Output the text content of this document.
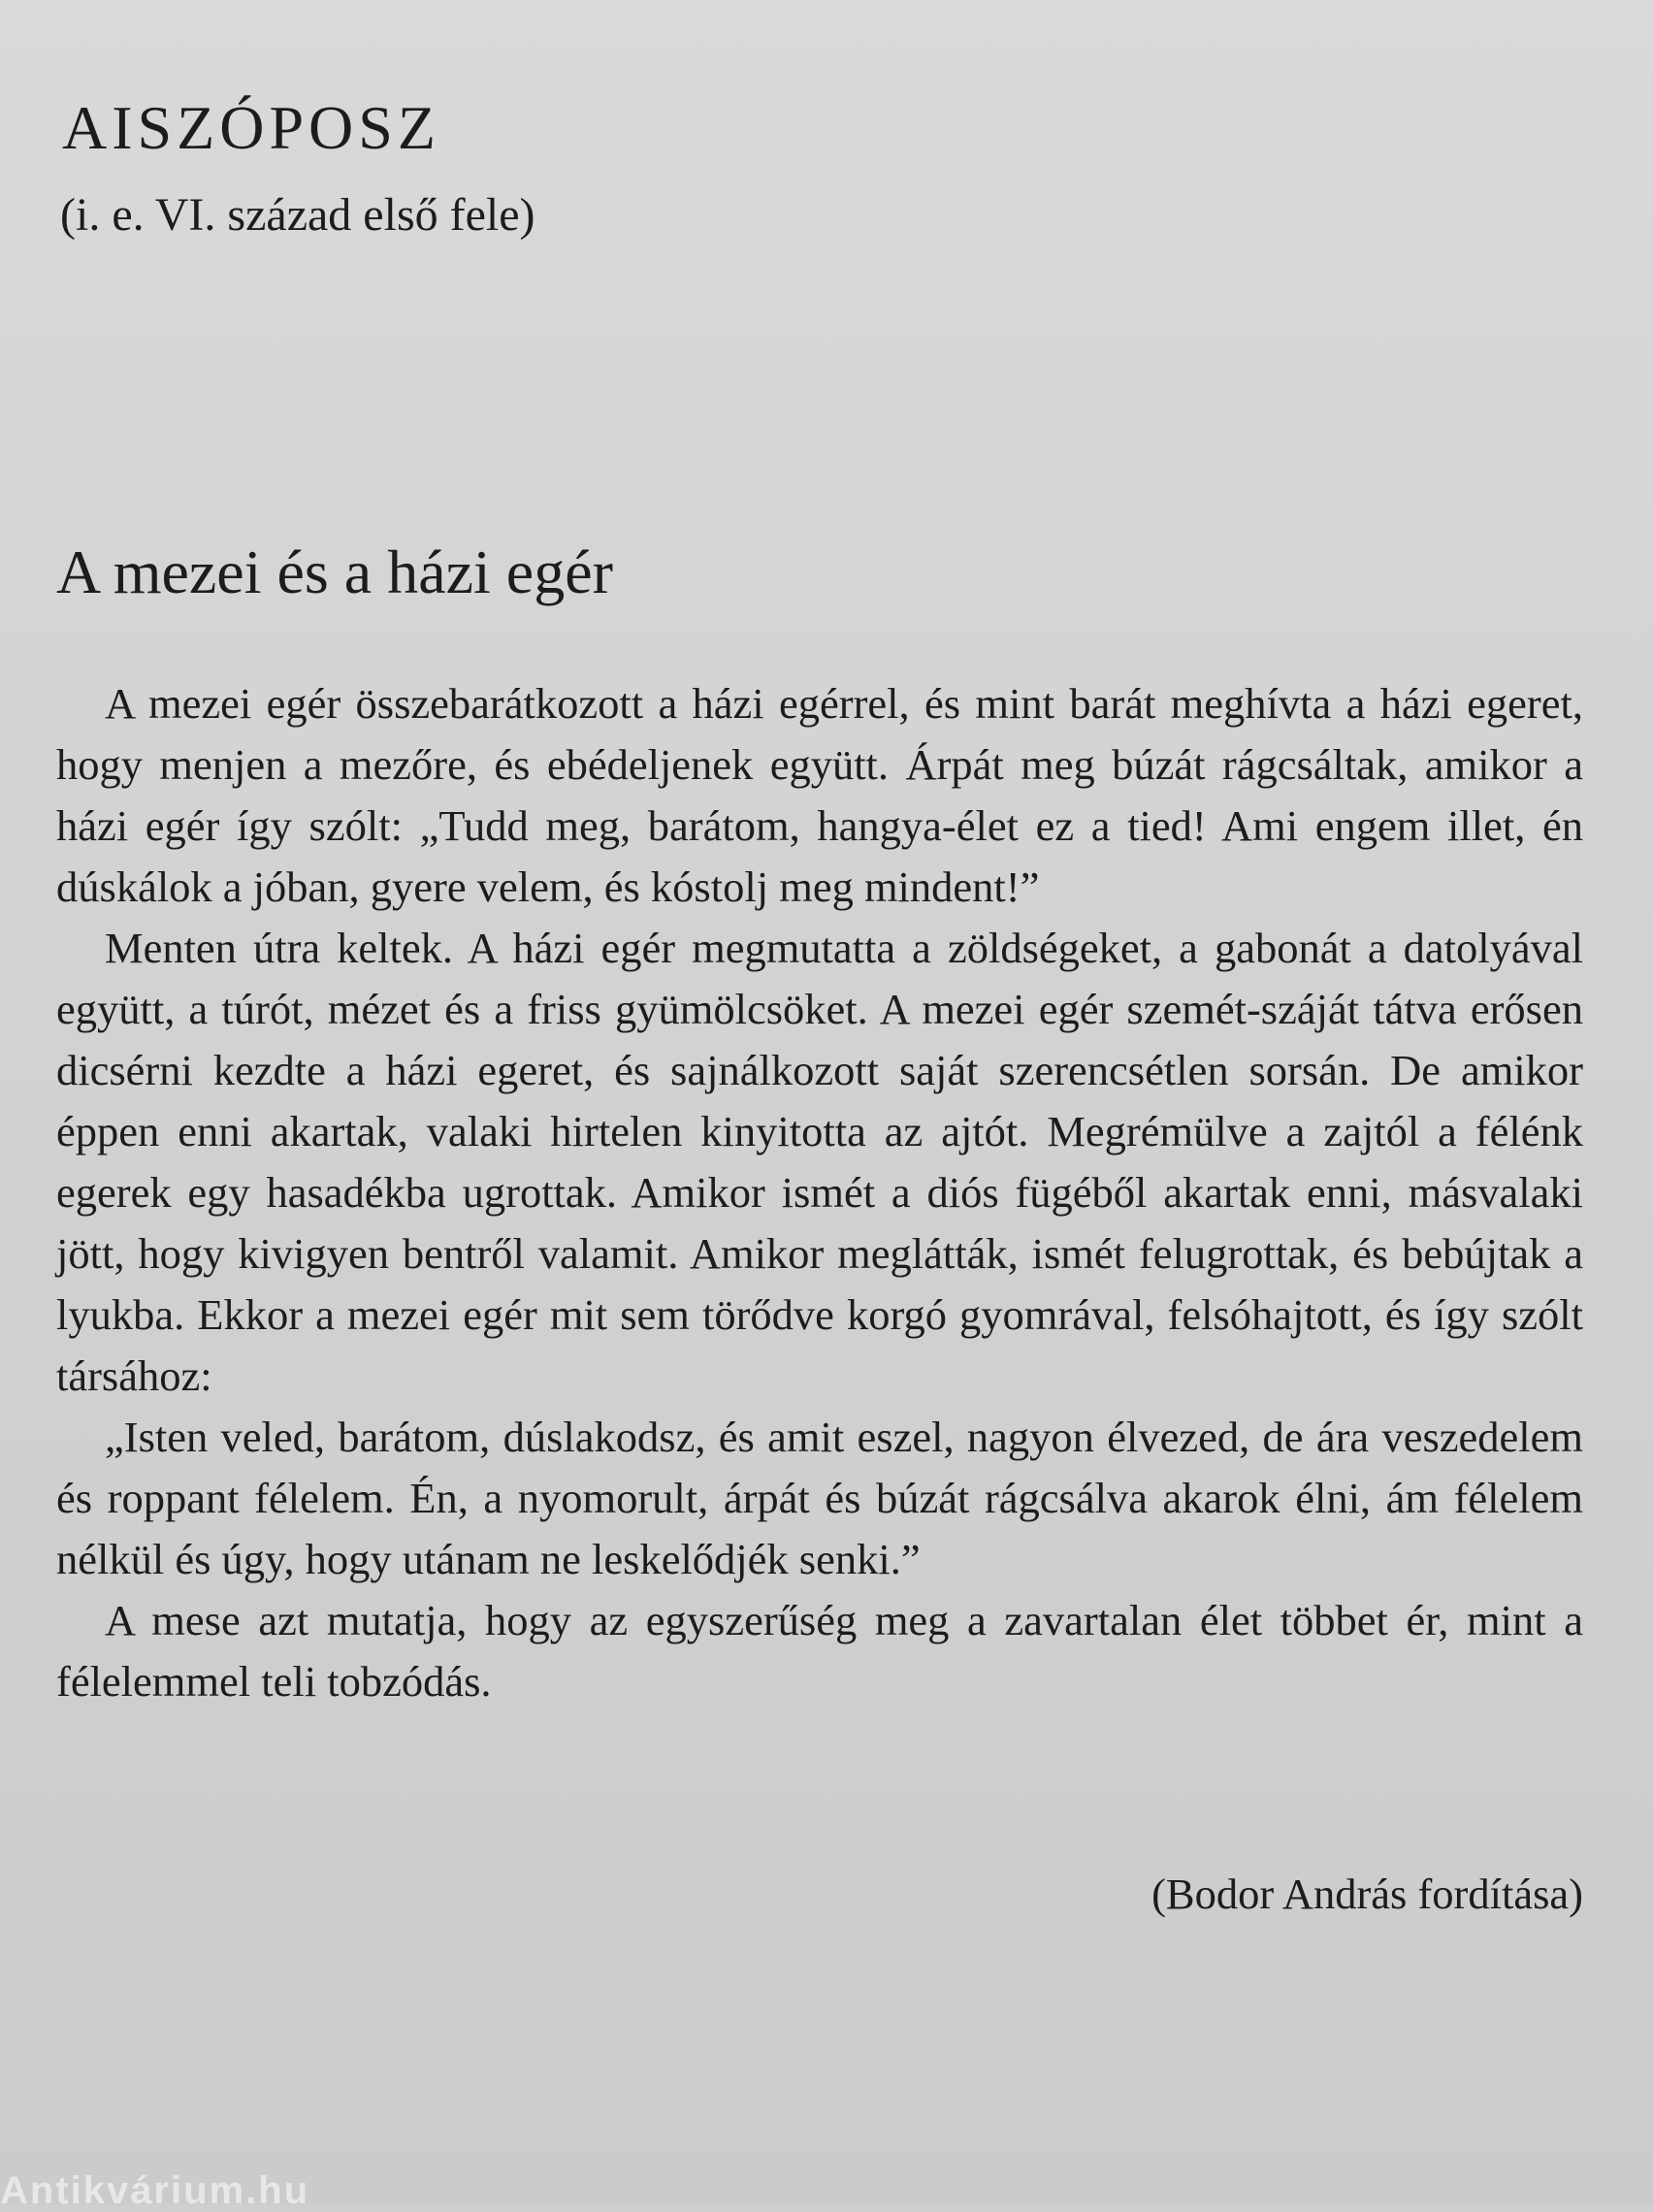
AISZÓPOSZ
(i. e. VI. század első fele)
A mezei és a házi egér

A mezei egér összebarátkozott a házi egérrel, és mint barát meghívta a házi egeret, hogy menjen a mezőre, és ebédeljenek együtt. Árpát meg búzát rágcsáltak, amikor a házi egér így szólt: „Tudd meg, barátom, hangya-élet ez a tied! Ami engem illet, én dúskálok a jóban, gyere velem, és kóstolj meg mindent!”

Menten útra keltek. A házi egér megmutatta a zöldségeket, a gabonát a datolyával együtt, a túrót, mézet és a friss gyümölcsöket. A mezei egér szemét-száját tátva erősen dicsérni kezdte a házi egeret, és sajnálkozott saját szerencsétlen sorsán. De amikor éppen enni akartak, valaki hirtelen kinyitotta az ajtót. Megrémülve a zajtól a félénk egerek egy hasadékba ugrottak. Amikor ismét a diós fügéből akartak enni, másvalaki jött, hogy kivigyen bentről valamit. Amikor meglátták, ismét felugrottak, és bebújtak a lyukba. Ekkor a mezei egér mit sem törődve korgó gyomrával, felsóhajtott, és így szólt társához:

„Isten veled, barátom, dúslakodsz, és amit eszel, nagyon élvezed, de ára veszedelem és roppant félelem. Én, a nyomorult, árpát és búzát rágcsálva akarok élni, ám félelem nélkül és úgy, hogy utánam ne leskelődjék senki.”

A mese azt mutatja, hogy az egyszerűség meg a zavartalan élet többet ér, mint a félelemmel teli tobzódás.

(Bodor András fordítása)
Antikvárium.hu
